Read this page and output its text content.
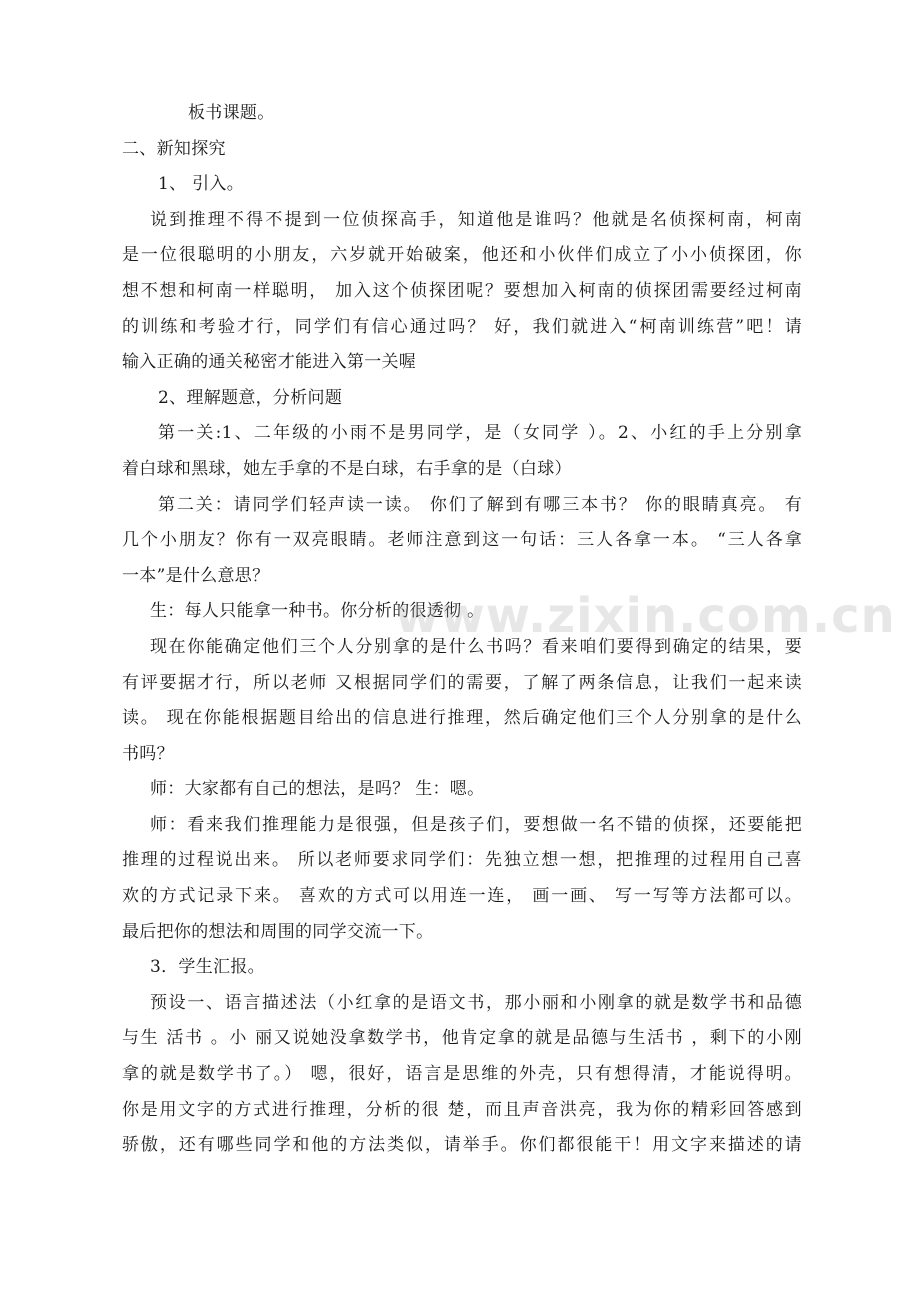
板书课题。
二、新知探究
1、 引入。
说到推理不得不提到一位侦探高手，知道他是谁吗？他就是名侦探柯南，柯南
是一位很聪明的小朋友，六岁就开始破案，他还和小伙伴们成立了小小侦探团，你
想不想和柯南一样聪明， 加入这个侦探团呢？要想加入柯南的侦探团需要经过柯南
的训练和考验才行，同学们有信心通过吗？ 好，我们就进入“柯南训练营”吧！请
输入正确的通关秘密才能进入第一关喔
2、理解题意，分析问题
第一关:1、二年级的小雨不是男同学，是（女同学 ）。2、小红的手上分别拿
着白球和黑球，她左手拿的不是白球，右手拿的是（白球）
第二关：请同学们轻声读一读。 你们了解到有哪三本书？ 你的眼睛真亮。 有
几个小朋友？你有一双亮眼睛。老师注意到这一句话：三人各拿一本。 “三人各拿
一本”是什么意思？
生：每人只能拿一种书。你分析的很透彻 。
现在你能确定他们三个人分别拿的是什么书吗？看来咱们要得到确定的结果，要
有评要据才行，所以老师 又根据同学们的需要，了解了两条信息，让我们一起来读
读。 现在你能根据题目给出的信息进行推理，然后确定他们三个人分别拿的是什么
书吗？
师：大家都有自己的想法，是吗？ 生：嗯。
师：看来我们推理能力是很强，但是孩子们，要想做一名不错的侦探，还要能把
推理的过程说出来。 所以老师要求同学们：先独立想一想，把推理的过程用自己喜
欢的方式记录下来。 喜欢的方式可以用连一连， 画一画、 写一写等方法都可以。
最后把你的想法和周围的同学交流一下。
3．学生汇报。
预设一、语言描述法（小红拿的是语文书，那小丽和小刚拿的就是数学书和品德
与生 活书 。小 丽又说她没拿数学书，他肯定拿的就是品德与生活书 ，剩下的小刚
拿的就是数学书了。） 嗯，很好，语言是思维的外壳，只有想得清，才能说得明。
你是用文字的方式进行推理，分析的很 楚，而且声音洪亮，我为你的精彩回答感到
骄傲，还有哪些同学和他的方法类似，请举手。你们都很能干！用文字来描述的请
www.zixin.com.cn
